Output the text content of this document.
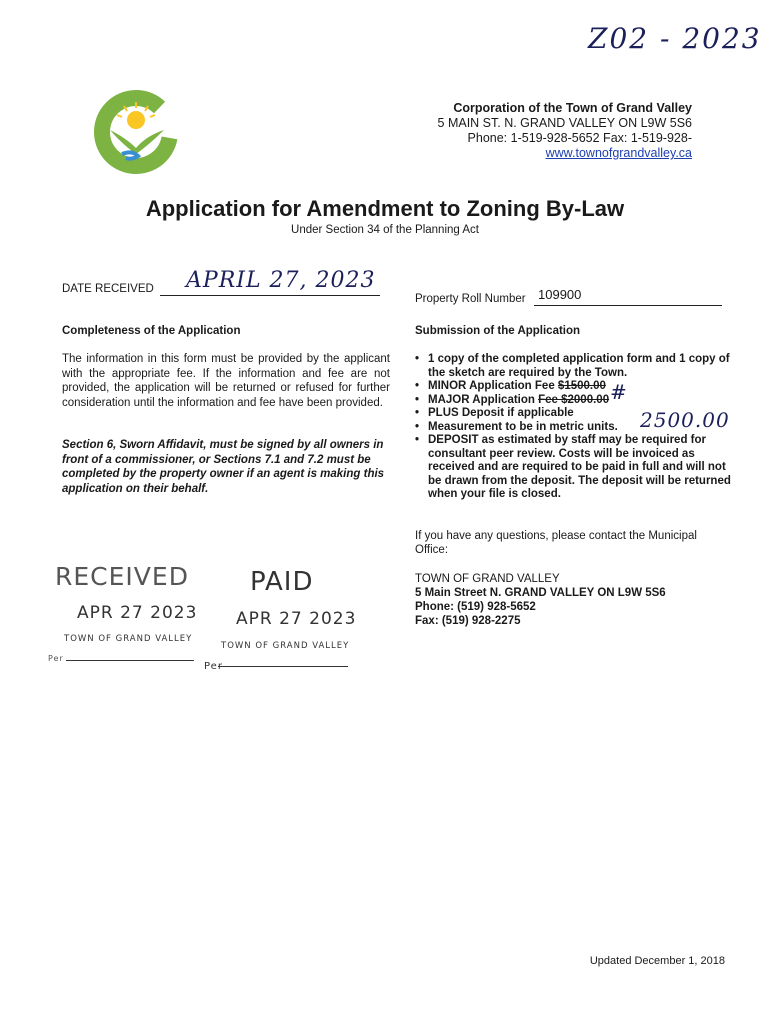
Z02 - 2023
Corporation of the Town of Grand Valley
5 MAIN ST. N. GRAND VALLEY ON L9W 5S6
Phone: 1-519-928-5652 Fax: 1-519-928-
www.townofgrandvalley.ca
Application for Amendment to Zoning By-Law
Under Section 34 of the Planning Act
DATE RECEIVED APRIL 27, 2023
Property Roll Number 109900
Completeness of the Application
The information in this form must be provided by the applicant with the appropriate fee. If the information and fee are not provided, the application will be returned or refused for further consideration until the information and fee have been provided.
Section 6, Sworn Affidavit, must be signed by all owners in front of a commissioner, or Sections 7.1 and 7.2 must be completed by the property owner if an agent is making this application on their behalf.
Submission of the Application
• 1 copy of the completed application form and 1 copy of the sketch are required by the Town.
• MINOR Application Fee $1500.00
• MAJOR Application Fee $2000.00
• PLUS Deposit if applicable
• Measurement to be in metric units.
• DEPOSIT as estimated by staff may be required for consultant peer review. Costs will be invoiced as received and are required to be paid in full and will not be drawn from the deposit. The deposit will be returned when your file is closed.
#
2500.00
If you have any questions, please contact the Municipal Office:
TOWN OF GRAND VALLEY
5 Main Street N. GRAND VALLEY ON L9W 5S6
Phone: (519) 928-5652
Fax: (519) 928-2275
RECEIVED
APR 27 2023
TOWN OF GRAND VALLEY
Per
PAID
APR 27 2023
TOWN OF GRAND VALLEY
Per
Updated December 1, 2018
